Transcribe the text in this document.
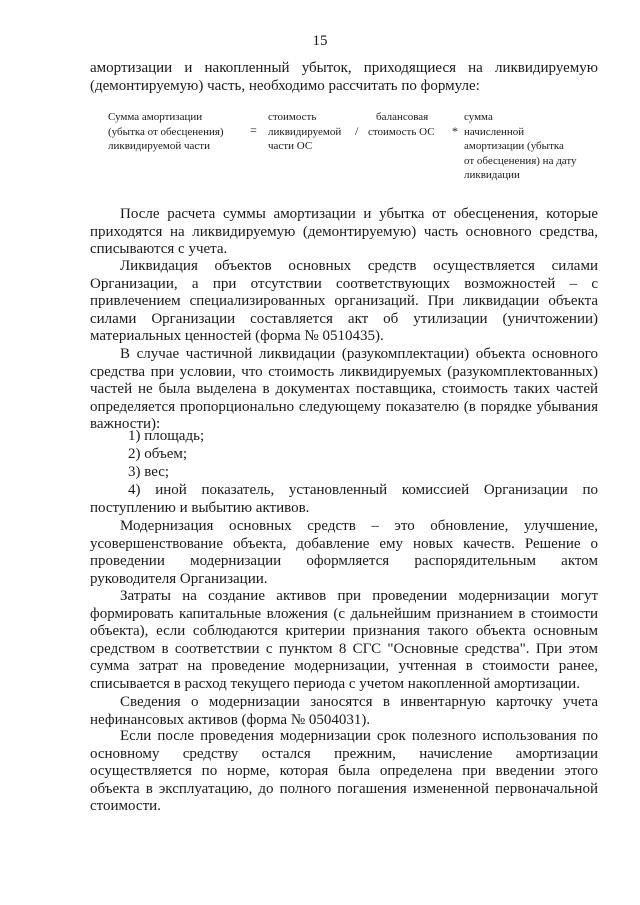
15

амортизации и накопленный убыток, приходящиеся на ликвидируемую (демонтируемую) часть, необходимо рассчитать по формуле:

Сумма амортизации
(убытка от обесценения)
ликвидируемой части
=
стоимость
ликвидируемой
части ОС
/
балансовая
стоимость ОС *
сумма
начисленной
амортизации (убытка
от обесценения) на дату
ликвидации

После расчета суммы амортизации и убытка от обесценения, которые приходятся на ликвидируемую (демонтируемую) часть основного средства, списываются с учета.

Ликвидация объектов основных средств осуществляется силами Организации, а при отсутствии соответствующих возможностей – с привлечением специализированных организаций. При ликвидации объекта силами Организации составляется акт об утилизации (уничтожении) материальных ценностей (форма № 0510435).

В случае частичной ликвидации (разукомплектации) объекта основного средства при условии, что стоимость ликвидируемых (разукомплектованных) частей не была выделена в документах поставщика, стоимость таких частей определяется пропорционально следующему показателю (в порядке убывания важности):

1) площадь;
2) объем;
3) вес;
4) иной показатель, установленный комиссией Организации по

поступлению и выбытию активов.

Модернизация основных средств – это обновление, улучшение, усовершенствование объекта, добавление ему новых качеств. Решение о проведении модернизации оформляется распорядительным актом руководителя Организации.

Затраты на создание активов при проведении модернизации могут формировать капитальные вложения (с дальнейшим признанием в стоимости объекта), если соблюдаются критерии признания такого объекта основным средством в соответствии с пунктом 8 СГС "Основные средства". При этом сумма затрат на проведение модернизации, учтенная в стоимости ранее, списывается в расход текущего периода с учетом накопленной амортизации.

Сведения о модернизации заносятся в инвентарную карточку учета нефинансовых активов (форма № 0504031).

Если после проведения модернизации срок полезного использования по основному средству остался прежним, начисление амортизации осуществляется по норме, которая была определена при введении этого объекта в эксплуатацию, до полного погашения измененной первоначальной стоимости.
